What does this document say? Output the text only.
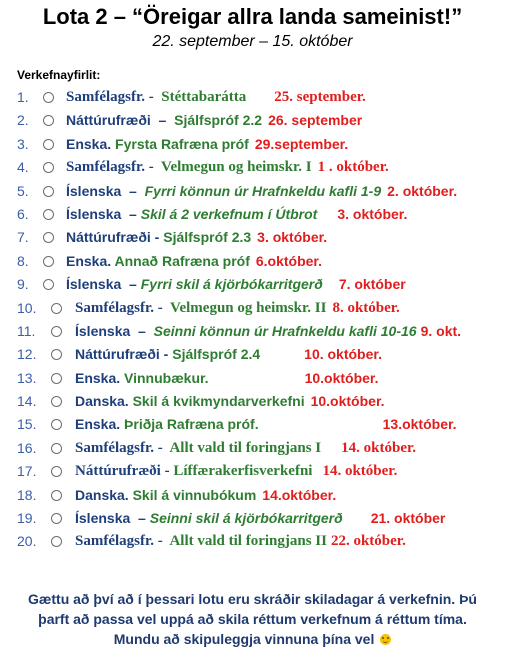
Lota 2 – “Öreigar allra landa sameinist!”
22. september – 15. október
Verkefnayfirlit:
1. Samfélagsfr. -  Stéttabarátta 25. september.
2.	Náttúrufræði  –  Sjálfspróf 2.2 26. september
3.	Enska. Fyrsta Rafræna próf 29.september.
4. Samfélagsfr. -  Velmegun og heimskr. I 1 . október.
5.	Íslenska  –  Fyrri könnun úr Hrafnkeldu kafli 1-9 2. október.
6.	Íslenska  – Skil á 2 verkefnum í Útbrot 3. október.
7.	Náttúrufræði - Sjálfspróf 2.3 3. október.
8.	Enska. Annað Rafræna próf 6.október.
9.	Íslenska  – Fyrri skil á kjörbókarritgerð 7. október
10.	Samfélagsfr. -  Velmegun og heimskr. II 8. október.
11.	Íslenska  –  Seinni könnun úr Hrafnkeldu kafli 10-16 9. okt.
12.	Náttúrufræði - Sjálfspróf 2.4	10. október.
13.	Enska. Vinnubækur.	10.október.
14.	Danska. Skil á kvikmyndarverkefni 10.október.
15.	Enska. Þriðja Rafræna próf.	13.október.
16.	Samfélagsfr. -  Allt vald til foringjans I 14. október.
17.	Náttúrufræði - Líffærakerfisverkefni 14. október.
18.	Danska. Skil á vinnubókum 14.október.
19.	Íslenska  – Seinni skil á kjörbókarritgerð 21. október
20.	Samfélagsfr. -  Allt vald til foringjans II 22. október.
Gættu að því að í þessari lotu eru skráðir skiladagar á verkefnin. Þú
þarft að passa vel uppá að skila réttum verkefnum á réttum tíma.
Mundu að skipuleggja vinnuna þína vel
